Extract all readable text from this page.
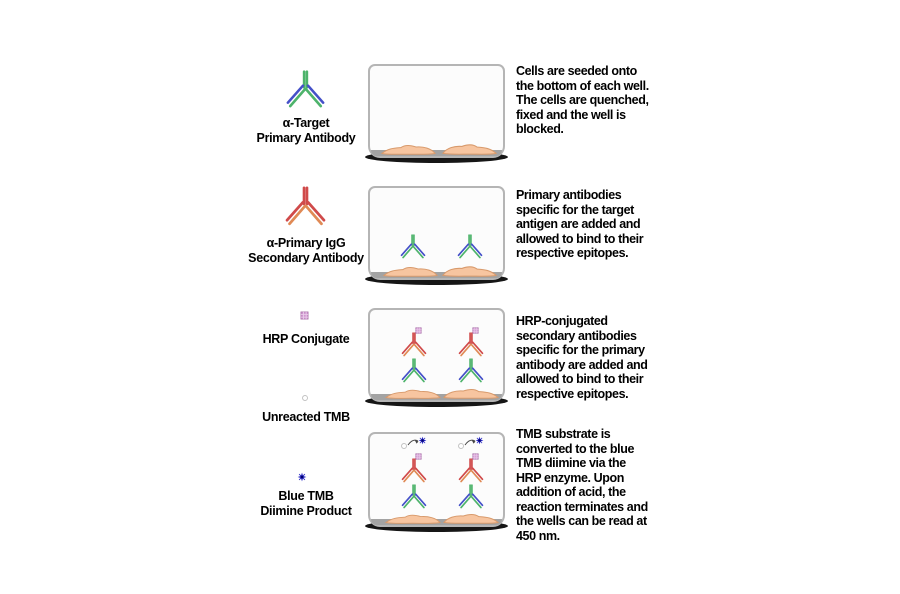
α-Target
Primary Antibody
Cells are seeded onto
the bottom of each well.
The cells are quenched,
fixed and the well is
blocked.
α-Primary IgG
Secondary Antibody
Primary antibodies
specific for the target
antigen are added and
allowed to bind to their
respective epitopes.
HRP Conjugate
HRP-conjugated
secondary antibodies
specific for the primary
antibody are added and
allowed to bind to their
respective epitopes.
Unreacted TMB
Blue TMB
Diimine Product
TMB substrate is
converted to the blue
TMB diimine via the
HRP enzyme. Upon
addition of acid, the
reaction terminates and
the wells can be read at
450 nm.
